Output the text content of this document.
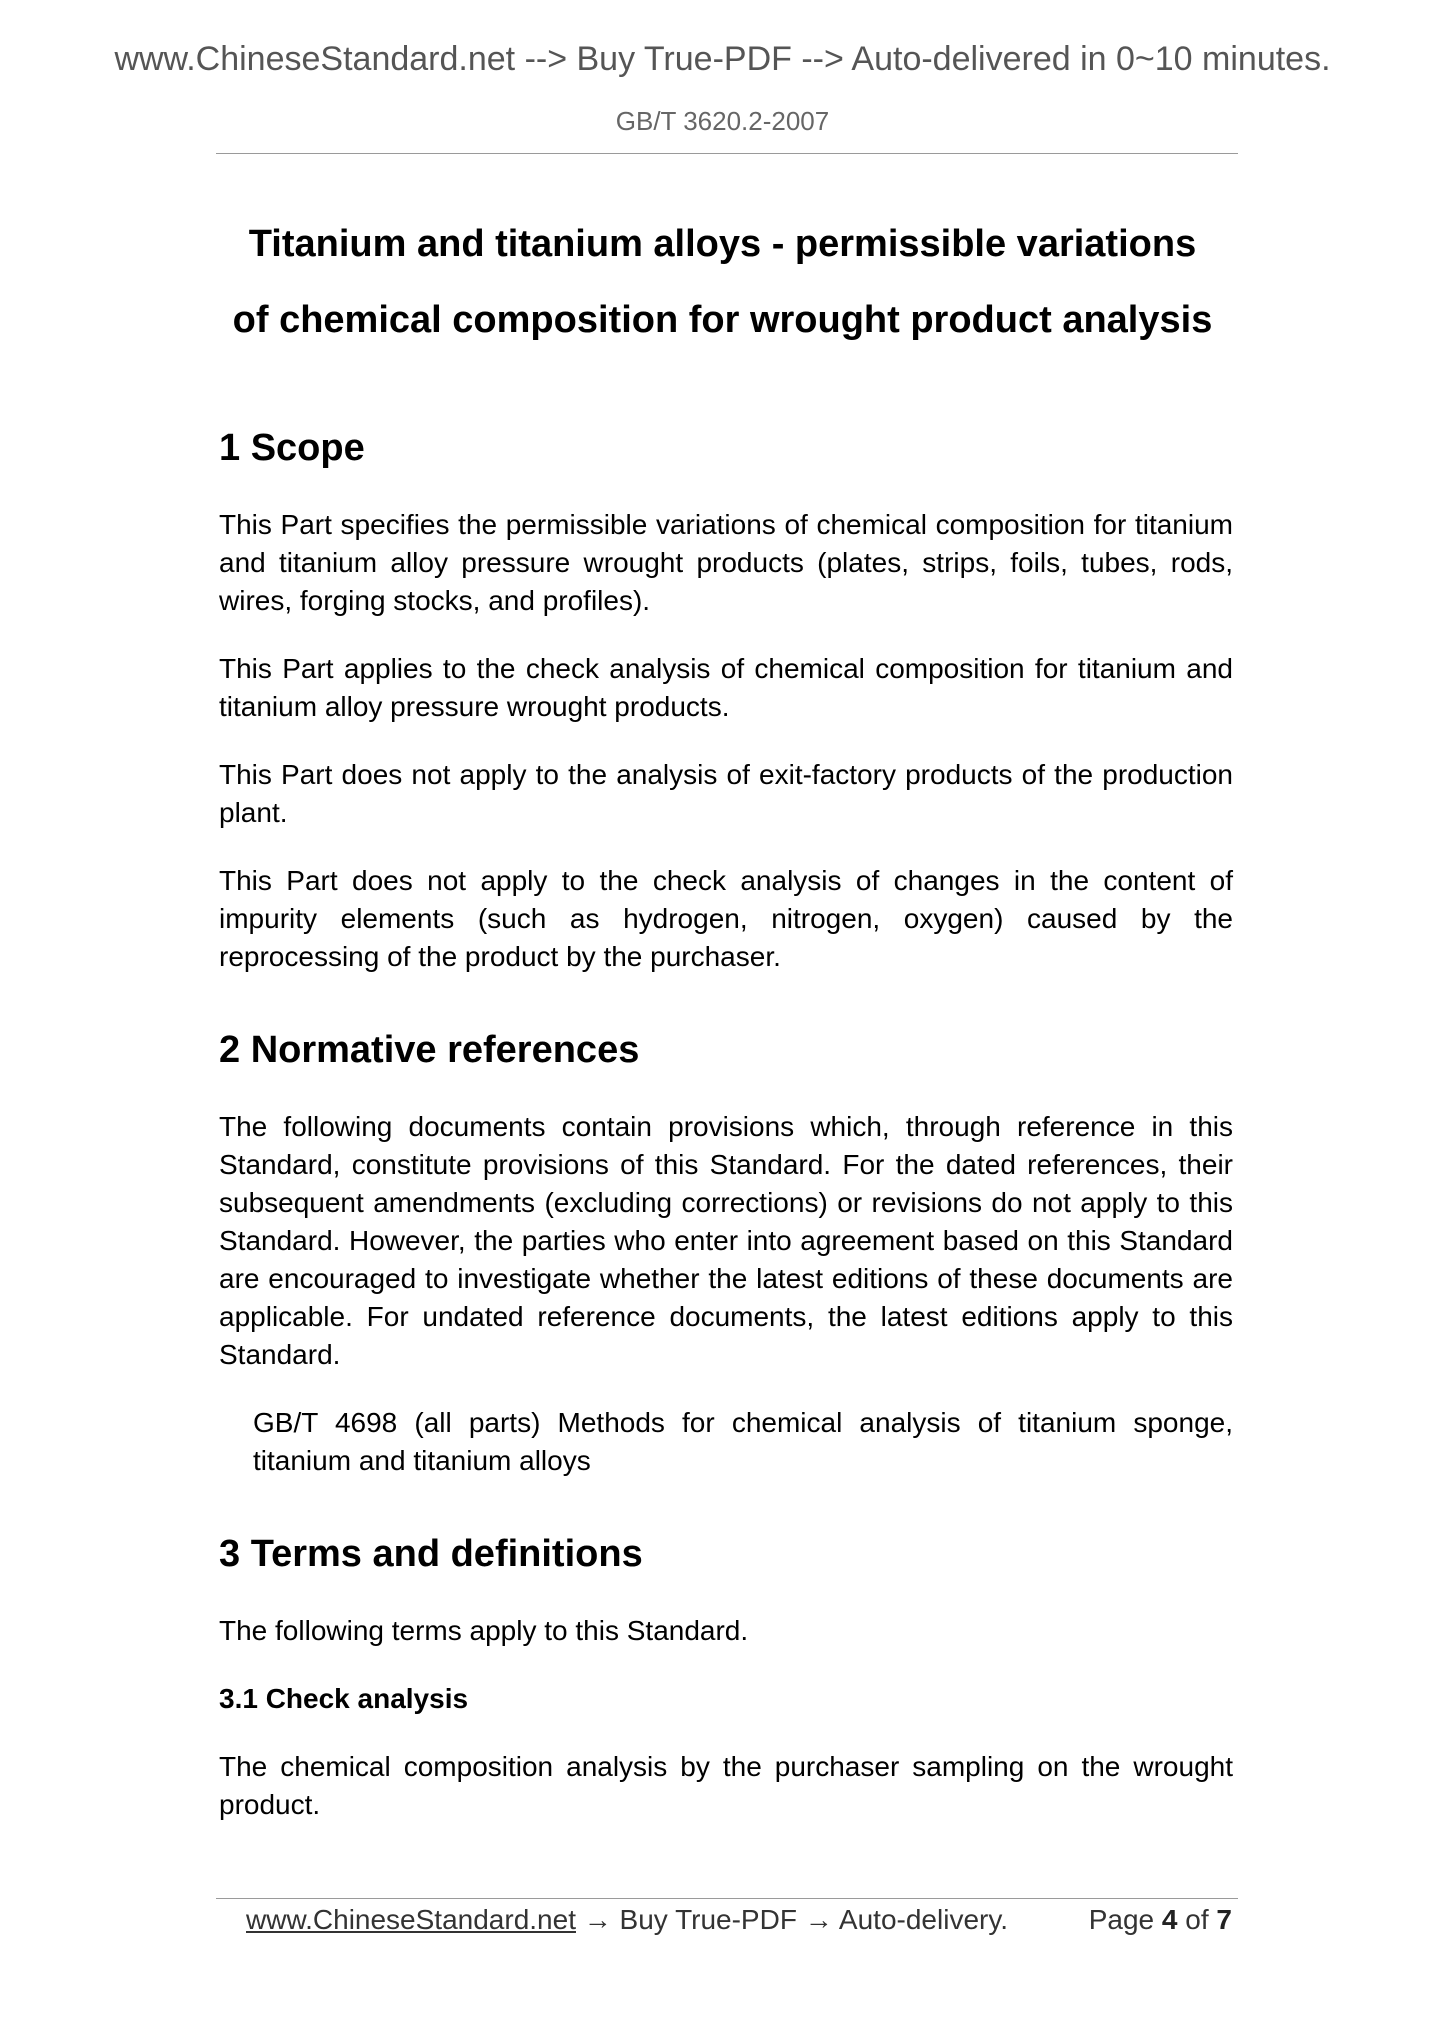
www.ChineseStandard.net --> Buy True-PDF --> Auto-delivered in 0~10 minutes.
GB/T 3620.2-2007
Titanium and titanium alloys - permissible variations
of chemical composition for wrought product analysis
1 Scope

This Part specifies the permissible variations of chemical composition for titanium and titanium alloy pressure wrought products (plates, strips, foils, tubes, rods, wires, forging stocks, and profiles).

This Part applies to the check analysis of chemical composition for titanium and titanium alloy pressure wrought products.

This Part does not apply to the analysis of exit-factory products of the production plant.

This Part does not apply to the check analysis of changes in the content of impurity elements (such as hydrogen, nitrogen, oxygen) caused by the reprocessing of the product by the purchaser.

2 Normative references

The following documents contain provisions which, through reference in this Standard, constitute provisions of this Standard. For the dated references, their subsequent amendments (excluding corrections) or revisions do not apply to this Standard. However, the parties who enter into agreement based on this Standard are encouraged to investigate whether the latest editions of these documents are applicable. For undated reference documents, the latest editions apply to this Standard.

GB/T 4698 (all parts) Methods for chemical analysis of titanium sponge, titanium and titanium alloys

3 Terms and definitions

The following terms apply to this Standard.

3.1 Check analysis

The chemical composition analysis by the purchaser sampling on the wrought product.

www.ChineseStandard.net → Buy True-PDF → Auto-delivery.	Page 4 of 7
